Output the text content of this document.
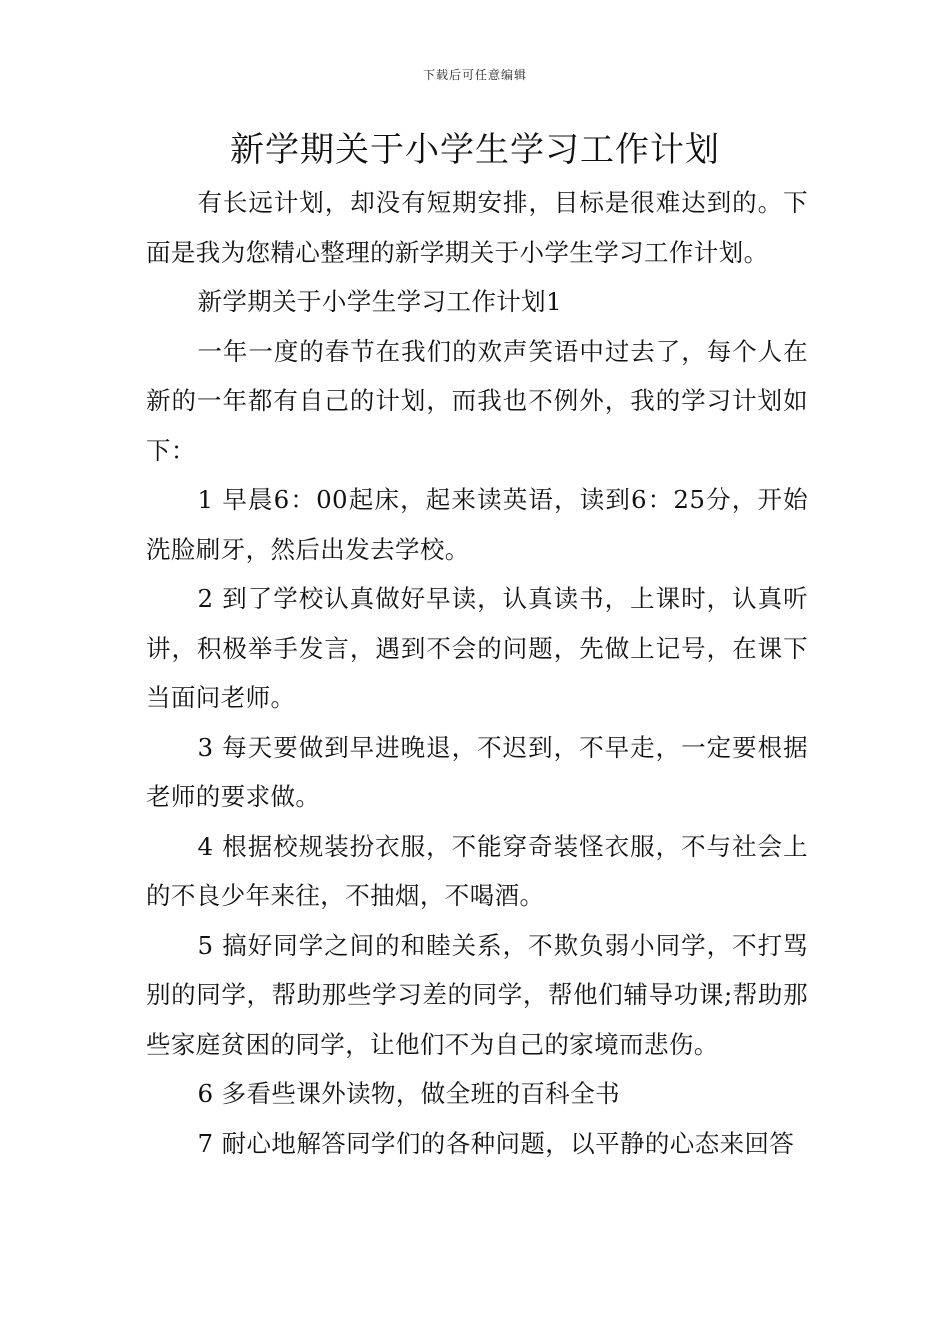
下载后可任意编辑
新学期关于小学生学习工作计划

有长远计划，却没有短期安排，目标是很难达到的。下面是我为您精心整理的新学期关于小学生学习工作计划。

新学期关于小学生学习工作计划1

一年一度的春节在我们的欢声笑语中过去了，每个人在新的一年都有自己的计划，而我也不例外，我的学习计划如下：

1 早晨6：00起床，起来读英语，读到6：25分，开始洗脸刷牙，然后出发去学校。

2 到了学校认真做好早读，认真读书，上课时，认真听讲，积极举手发言，遇到不会的问题，先做上记号，在课下当面问老师。

3 每天要做到早进晚退，不迟到，不早走，一定要根据老师的要求做。

4 根据校规装扮衣服，不能穿奇装怪衣服，不与社会上的不良少年来往，不抽烟，不喝酒。

5 搞好同学之间的和睦关系，不欺负弱小同学，不打骂别的同学，帮助那些学习差的同学，帮他们辅导功课;帮助那些家庭贫困的同学，让他们不为自己的家境而悲伤。

6 多看些课外读物，做全班的百科全书

7 耐心地解答同学们的各种问题，以平静的心态来回答
